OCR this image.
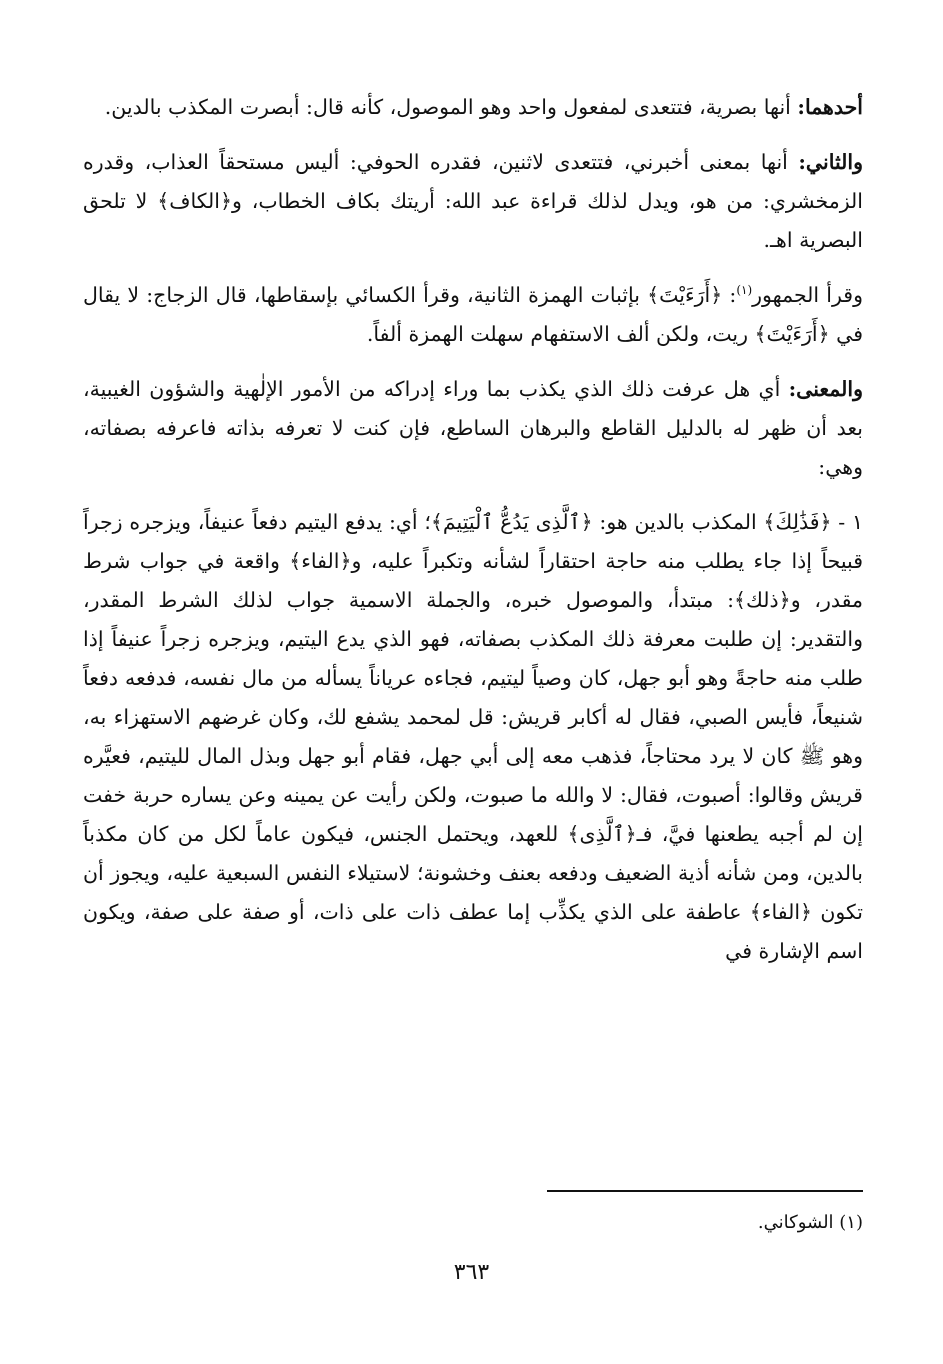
أحدهما: أنها بصرية، فتتعدى لمفعول واحد وهو الموصول، كأنه قال: أبصرت المكذب بالدين.

والثاني: أنها بمعنى أخبرني، فتتعدى لاثنين، فقدره الحوفي: أليس مستحقاً العذاب، وقدره الزمخشري: من هو، ويدل لذلك قراءة عبد الله: أريتك بكاف الخطاب، و﴿الكاف﴾ لا تلحق البصرية اهـ.

وقرأ الجمهور$^{(١)}$: ﴿أَرَءَيْتَ﴾ بإثبات الهمزة الثانية، وقرأ الكسائي بإسقاطها، قال الزجاج: لا يقال في ﴿أَرَءَيْتَ﴾ ريت، ولكن ألف الاستفهام سهلت الهمزة ألفاً.

والمعنى: أي هل عرفت ذلك الذي يكذب بما وراء إدراكه من الأمور الإلٰهية والشؤون الغيبية، بعد أن ظهر له بالدليل القاطع والبرهان الساطع، فإن كنت لا تعرفه بذاته فاعرفه بصفاته، وهي:

١ - ﴿فَذَٰلِكَ﴾ المكذب بالدين هو: ﴿ٱلَّذِى يَدُعُّ ٱلْيَتِيمَ﴾؛ أي: يدفع اليتيم دفعاً عنيفاً، ويزجره زجراً قبيحاً إذا جاء يطلب منه حاجة احتقاراً لشأنه وتكبراً عليه، و﴿الفاء﴾ واقعة في جواب شرط مقدر، و﴿ذلك﴾: مبتدأ، والموصول خبره، والجملة الاسمية جواب لذلك الشرط المقدر، والتقدير: إن طلبت معرفة ذلك المكذب بصفاته، فهو الذي يدع اليتيم، ويزجره زجراً عنيفاً إذا طلب منه حاجةً وهو أبو جهل، كان وصياً ليتيم، فجاءه عرياناً يسأله من مال نفسه، فدفعه دفعاً شنيعاً، فأيس الصبي، فقال له أكابر قريش: قل لمحمد يشفع لك، وكان غرضهم الاستهزاء به، وهو ﷺ كان لا يرد محتاجاً، فذهب معه إلى أبي جهل، فقام أبو جهل وبذل المال لليتيم، فعيَّره قريش وقالوا: أصبوت، فقال: لا والله ما صبوت، ولكن رأيت عن يمينه وعن يساره حربة خفت إن لم أجبه يطعنها فيَّ، فـ﴿ٱلَّذِى﴾ للعهد، ويحتمل الجنس، فيكون عاماً لكل من كان مكذباً بالدين، ومن شأنه أذية الضعيف ودفعه بعنف وخشونة؛ لاستيلاء النفس السبعية عليه، ويجوز أن تكون ﴿الفاء﴾ عاطفة على الذي يكذِّب إما عطف ذات على ذات، أو صفة على صفة، ويكون اسم الإشارة في

(١) الشوكاني.
٣٦٣
